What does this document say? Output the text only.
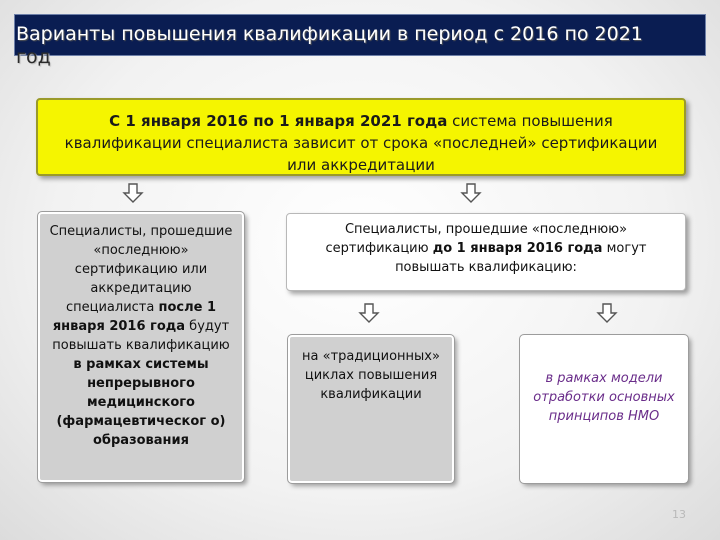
Варианты повышения квалификации в период с 2016 по 2021
год
С 1 января 2016 по 1 января 2021 года система повышения квалификации специалиста зависит от срока «последней» сертификации или аккредитации
Специалисты, прошедшие «последнюю» сертификацию или аккредитацию специалиста после 1 января 2016 года будут повышать квалификацию в рамках системы непрерывного медицинского (фармацевтическог о) образования
Специалисты, прошедшие «последнюю» сертификацию до 1 января 2016 года могут повышать квалификацию:
на «традиционных» циклах повышения квалификации
в рамках модели отработки основных принципов НМО
13
